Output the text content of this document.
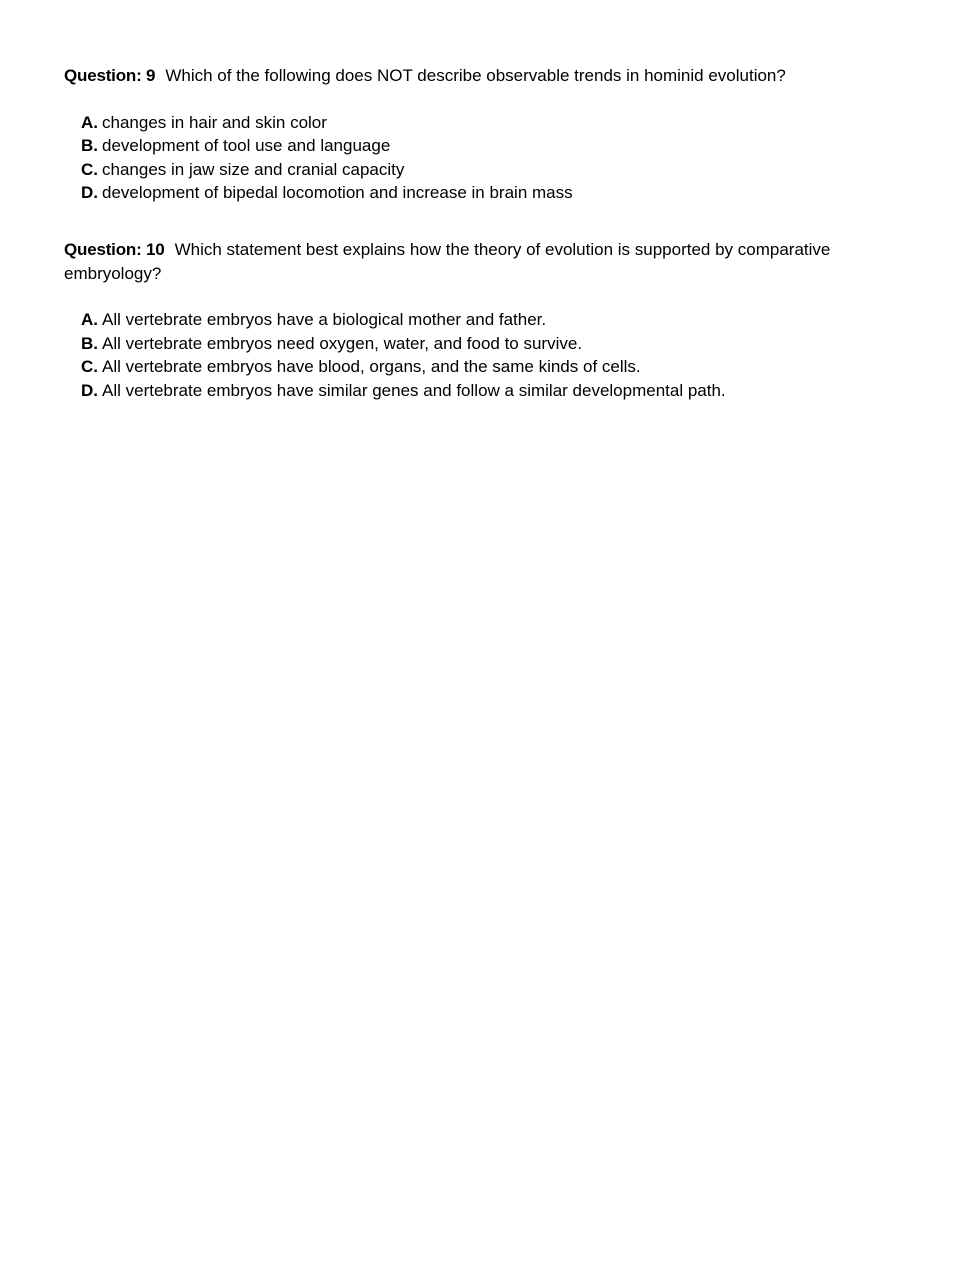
Question: 9 Which of the following does NOT describe observable trends in hominid evolution?

A. changes in hair and skin color
B. development of tool use and language
C. changes in jaw size and cranial capacity
D. development of bipedal locomotion and increase in brain mass

Question: 10 Which statement best explains how the theory of evolution is supported by comparative embryology?

A. All vertebrate embryos have a biological mother and father.
B. All vertebrate embryos need oxygen, water, and food to survive.
C. All vertebrate embryos have blood, organs, and the same kinds of cells.
D. All vertebrate embryos have similar genes and follow a similar developmental path.
